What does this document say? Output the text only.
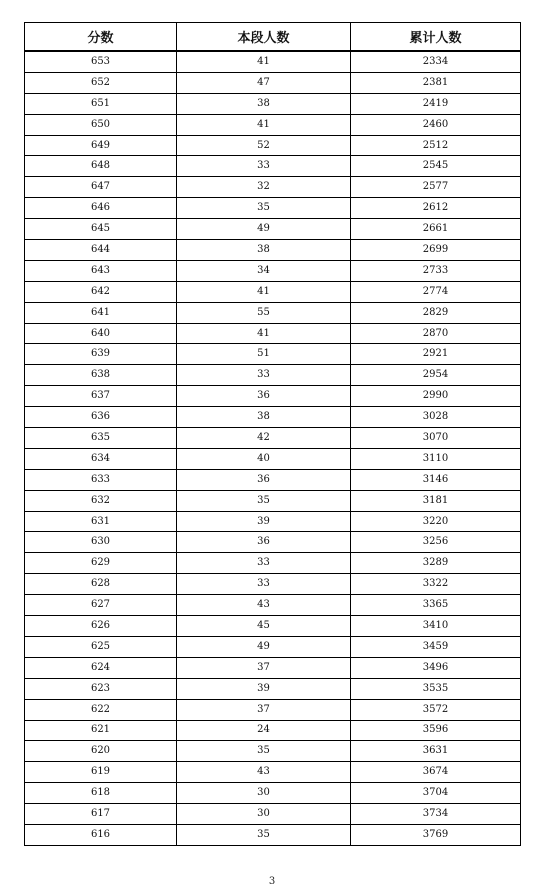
分数	本段人数	累计人数
653	41	2334
652	47	2381
651	38	2419
650	41	2460
649	52	2512
648	33	2545
647	32	2577
646	35	2612
645	49	2661
644	38	2699
643	34	2733
642	41	2774
641	55	2829
640	41	2870
639	51	2921
638	33	2954
637	36	2990
636	38	3028
635	42	3070
634	40	3110
633	36	3146
632	35	3181
631	39	3220
630	36	3256
629	33	3289
628	33	3322
627	43	3365
626	45	3410
625	49	3459
624	37	3496
623	39	3535
622	37	3572
621	24	3596
620	35	3631
619	43	3674
618	30	3704
617	30	3734
616	35	3769
3
